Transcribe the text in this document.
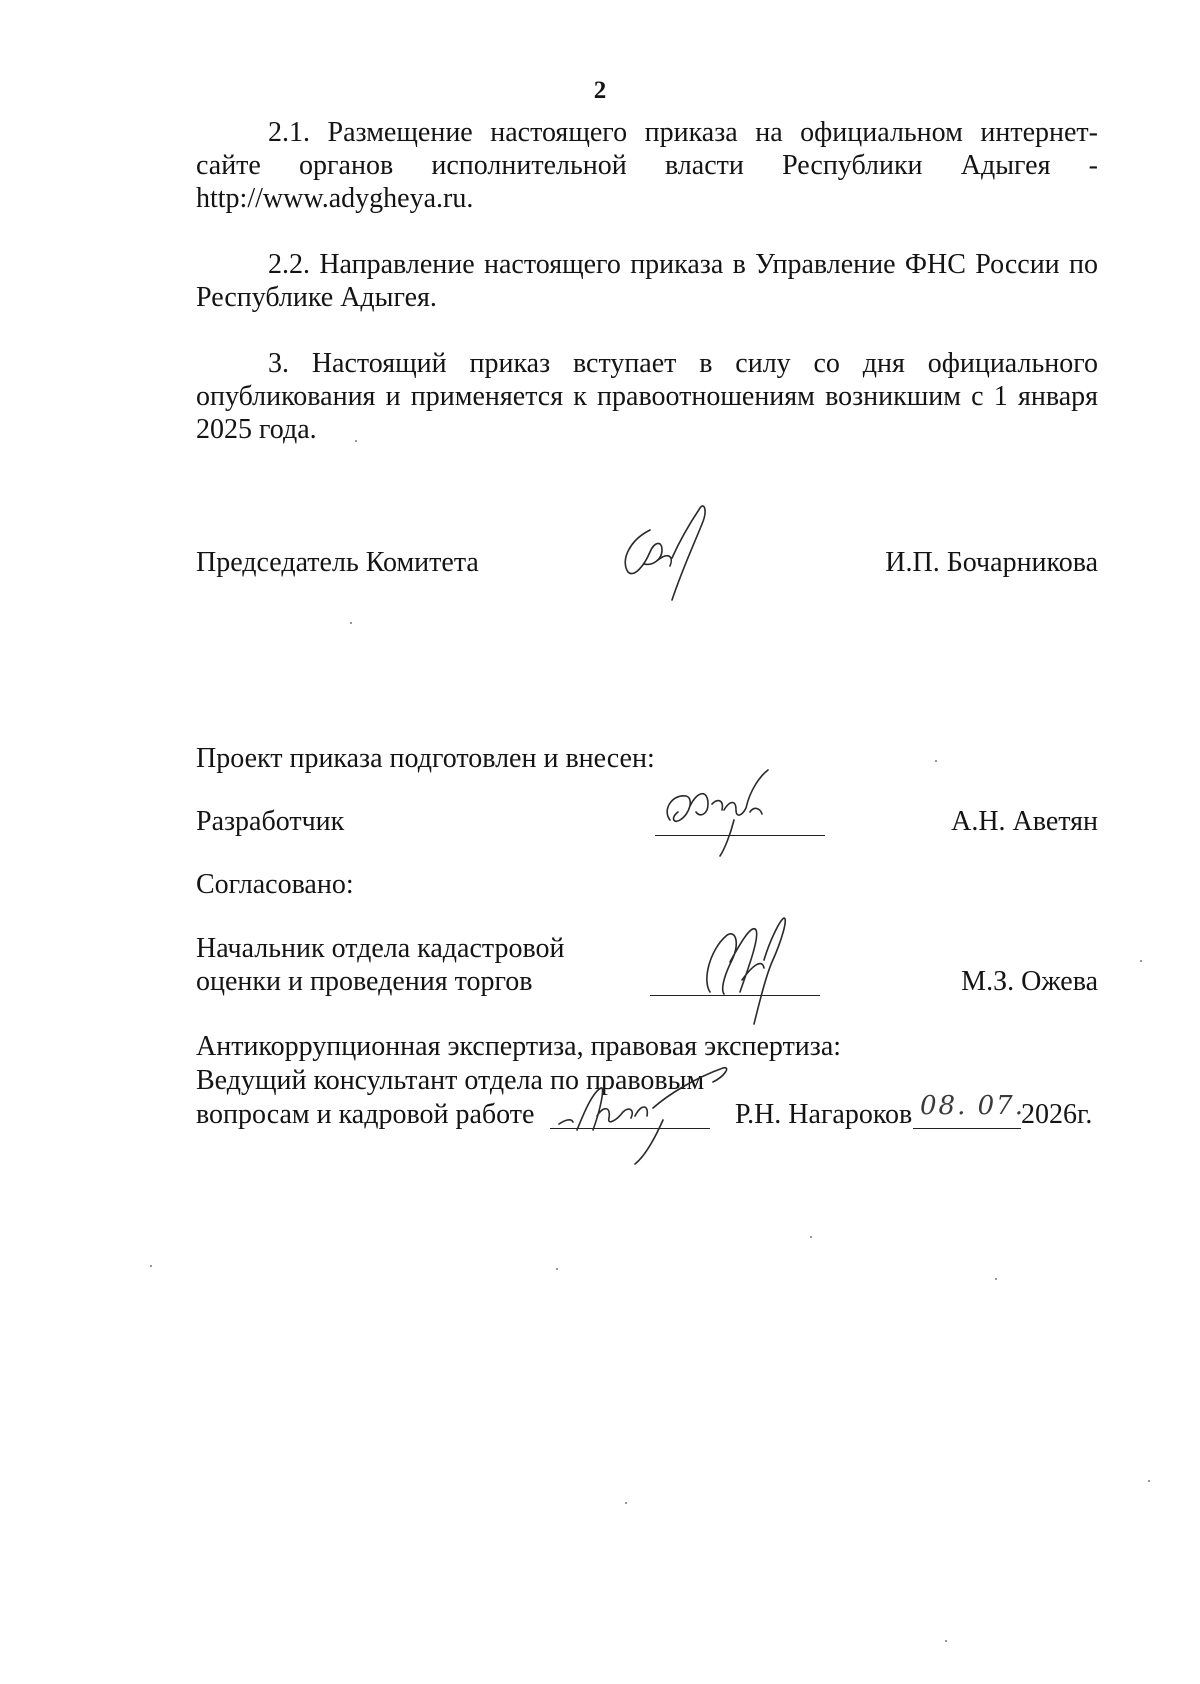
2

2.1. Размещение настоящего приказа на официальном интернет-сайте органов исполнительной власти Республики Адыгея - http://www.adygheya.ru.

2.2. Направление настоящего приказа в Управление ФНС России по Республике Адыгея.

3. Настоящий приказ вступает в силу со дня официального опубликования и применяется к правоотношениям возникшим с 1 января 2025 года.

Председатель Комитета	И.П. Бочарникова
Проект приказа подготовлен и внесен:
Разработчик	А.Н. Аветян
Согласовано:
Начальник отдела кадастровой
оценки и проведения торгов	М.З. Ожева
Антикоррупционная экспертиза, правовая экспертиза:
Ведущий консультант отдела по правовым
вопросам и кадровой работе	Р.Н. Нагароков 08. 07.
2026г.
